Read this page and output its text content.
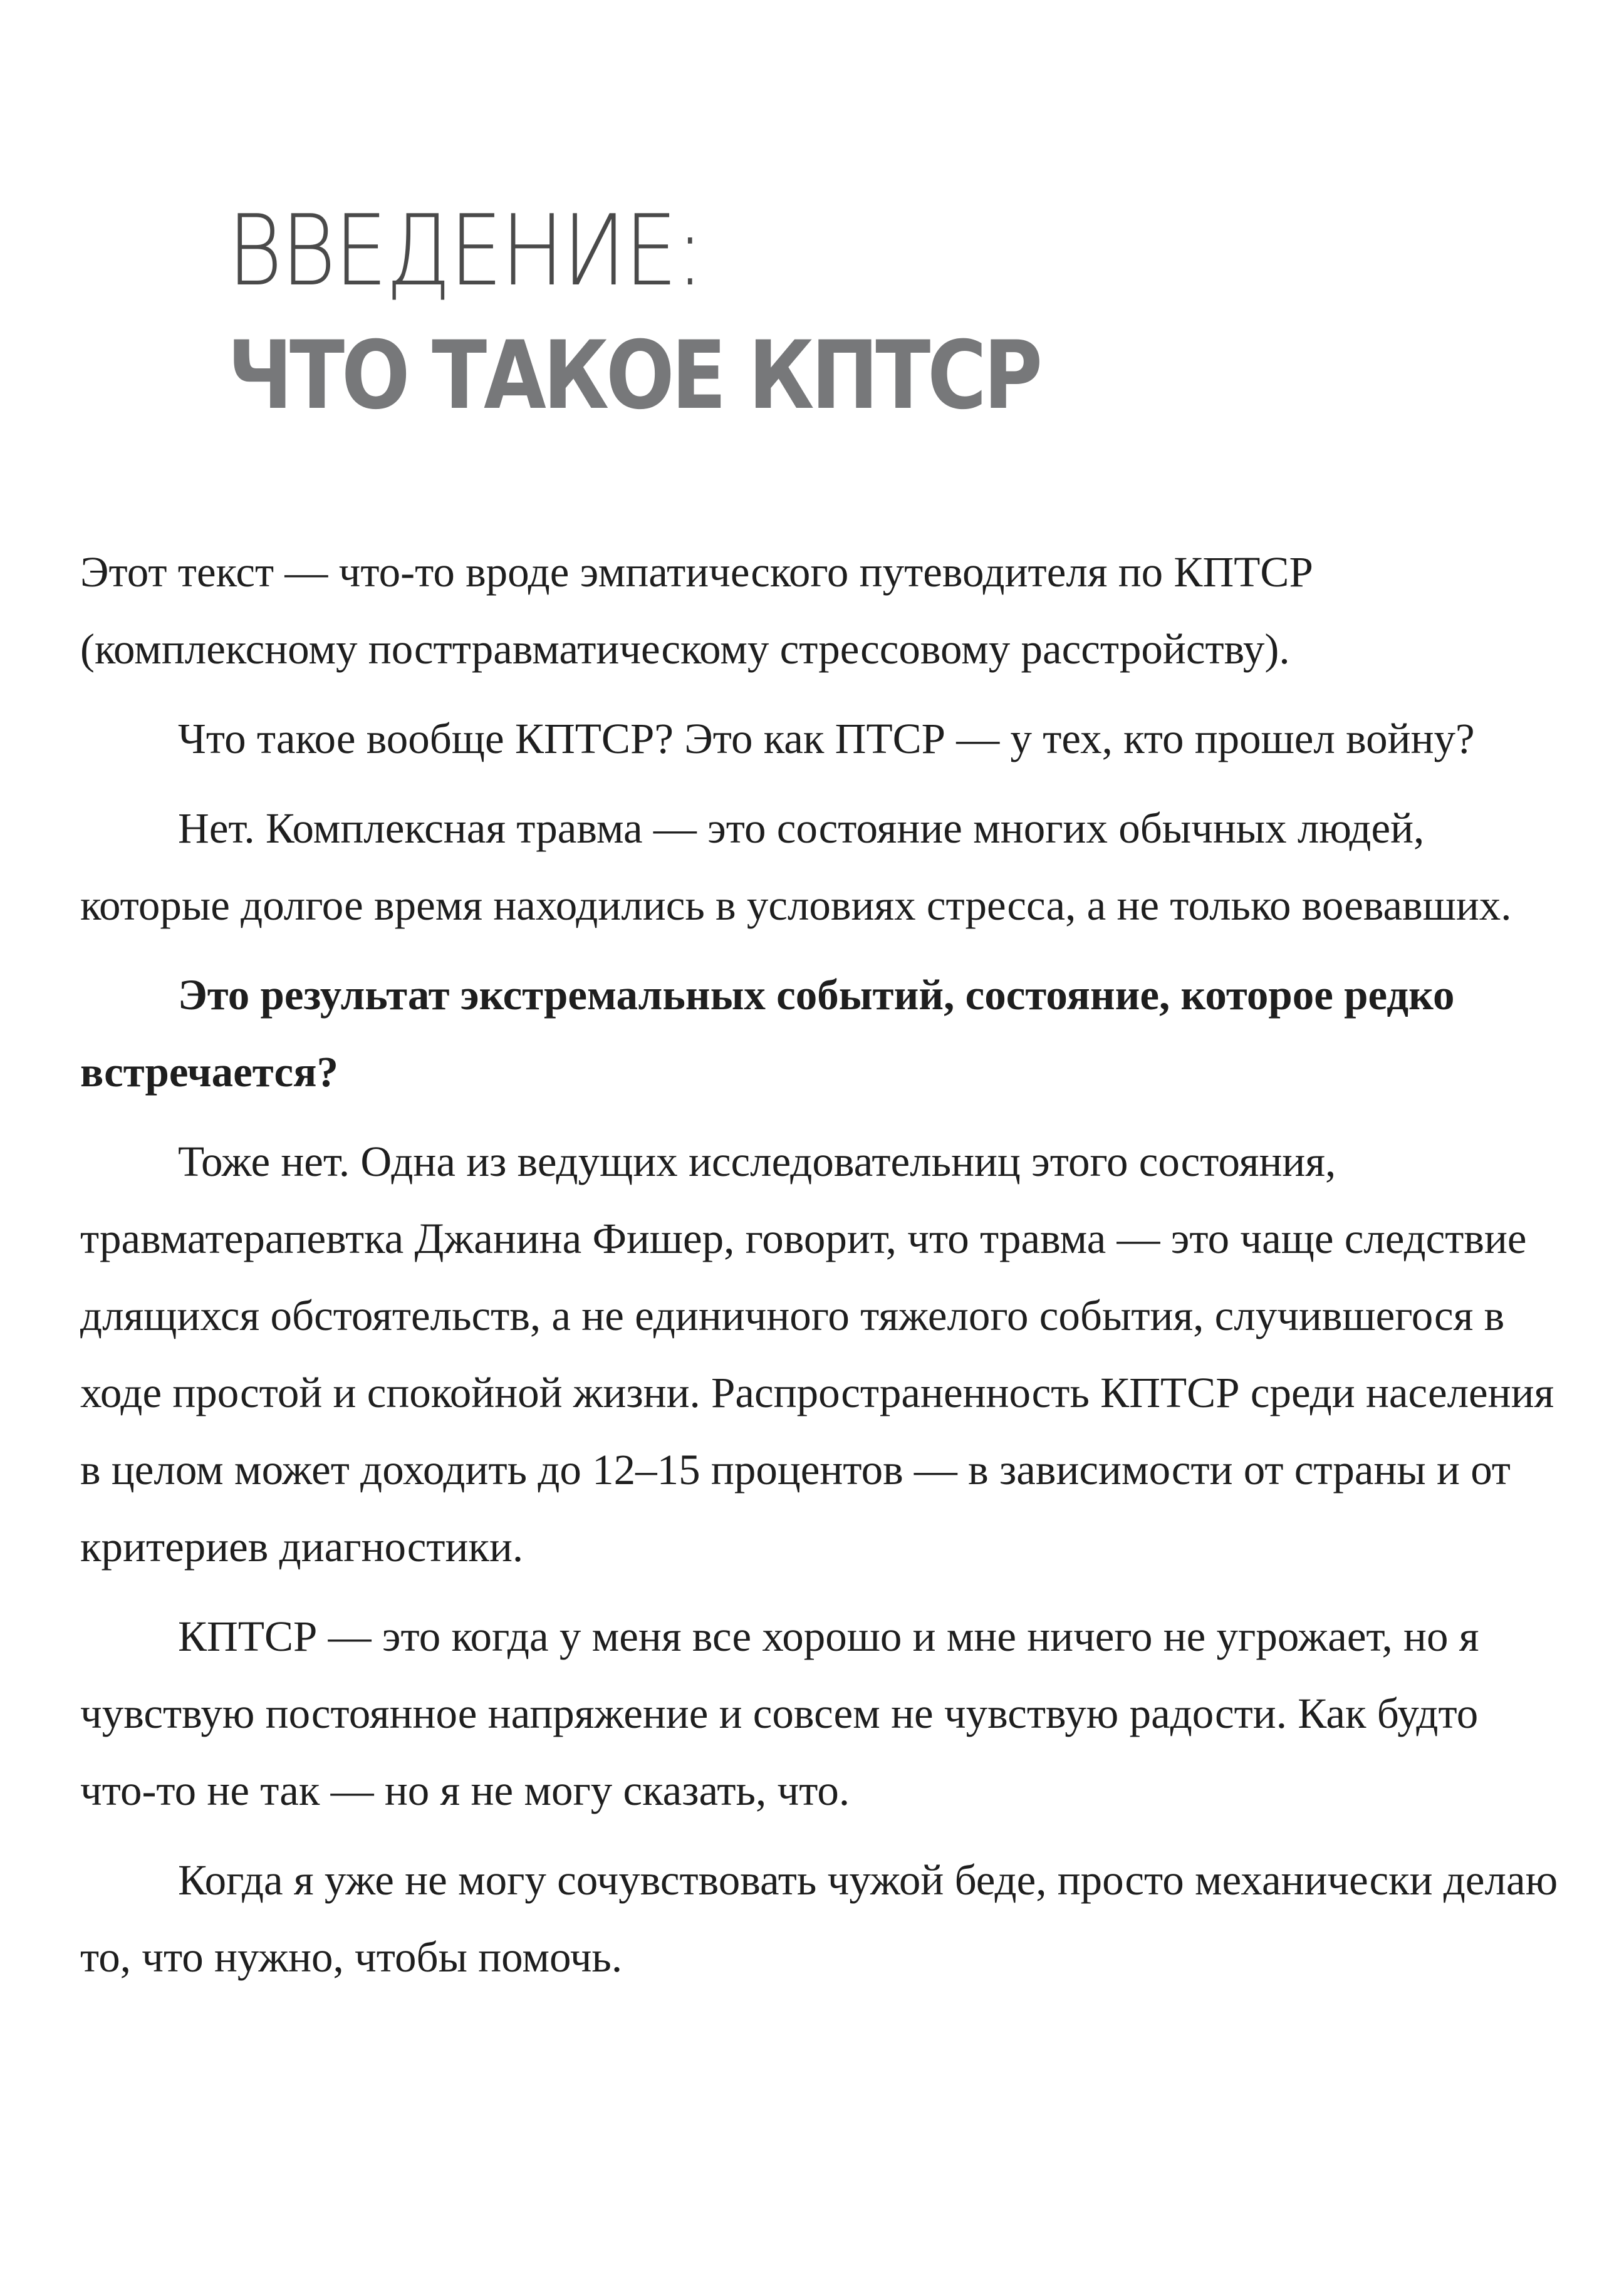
ВВЕДЕНИЕ:
ЧТО ТАКОЕ КПТСР

Этот текст — что-то вроде эмпатического путеводителя по КПТСР (комплексному посттравматическому стрессовому расстройству).

Что такое вообще КПТСР? Это как ПТСР — у тех, кто прошел войну?

Нет. Комплексная травма — это состояние многих обычных людей, которые долгое время находились в условиях стресса, а не только воевавших.

Это результат экстремальных событий, состояние, которое редко встречается?

Тоже нет. Одна из ведущих исследовательниц этого состояния, травматерапевтка Джанина Фишер, говорит, что травма — это чаще следствие длящихся обстоятельств, а не единичного тяжелого события, случившегося в ходе простой и спокойной жизни. Распространенность КПТСР среди населения в целом может доходить до 12–15 процентов — в зависимости от страны и от критериев диагностики.

КПТСР — это когда у меня все хорошо и мне ничего не угрожает, но я чувствую постоянное напряжение и совсем не чувствую радости. Как будто что-то не так — но я не могу сказать, что.

Когда я уже не могу сочувствовать чужой беде, просто механически делаю то, что нужно, чтобы помочь.
